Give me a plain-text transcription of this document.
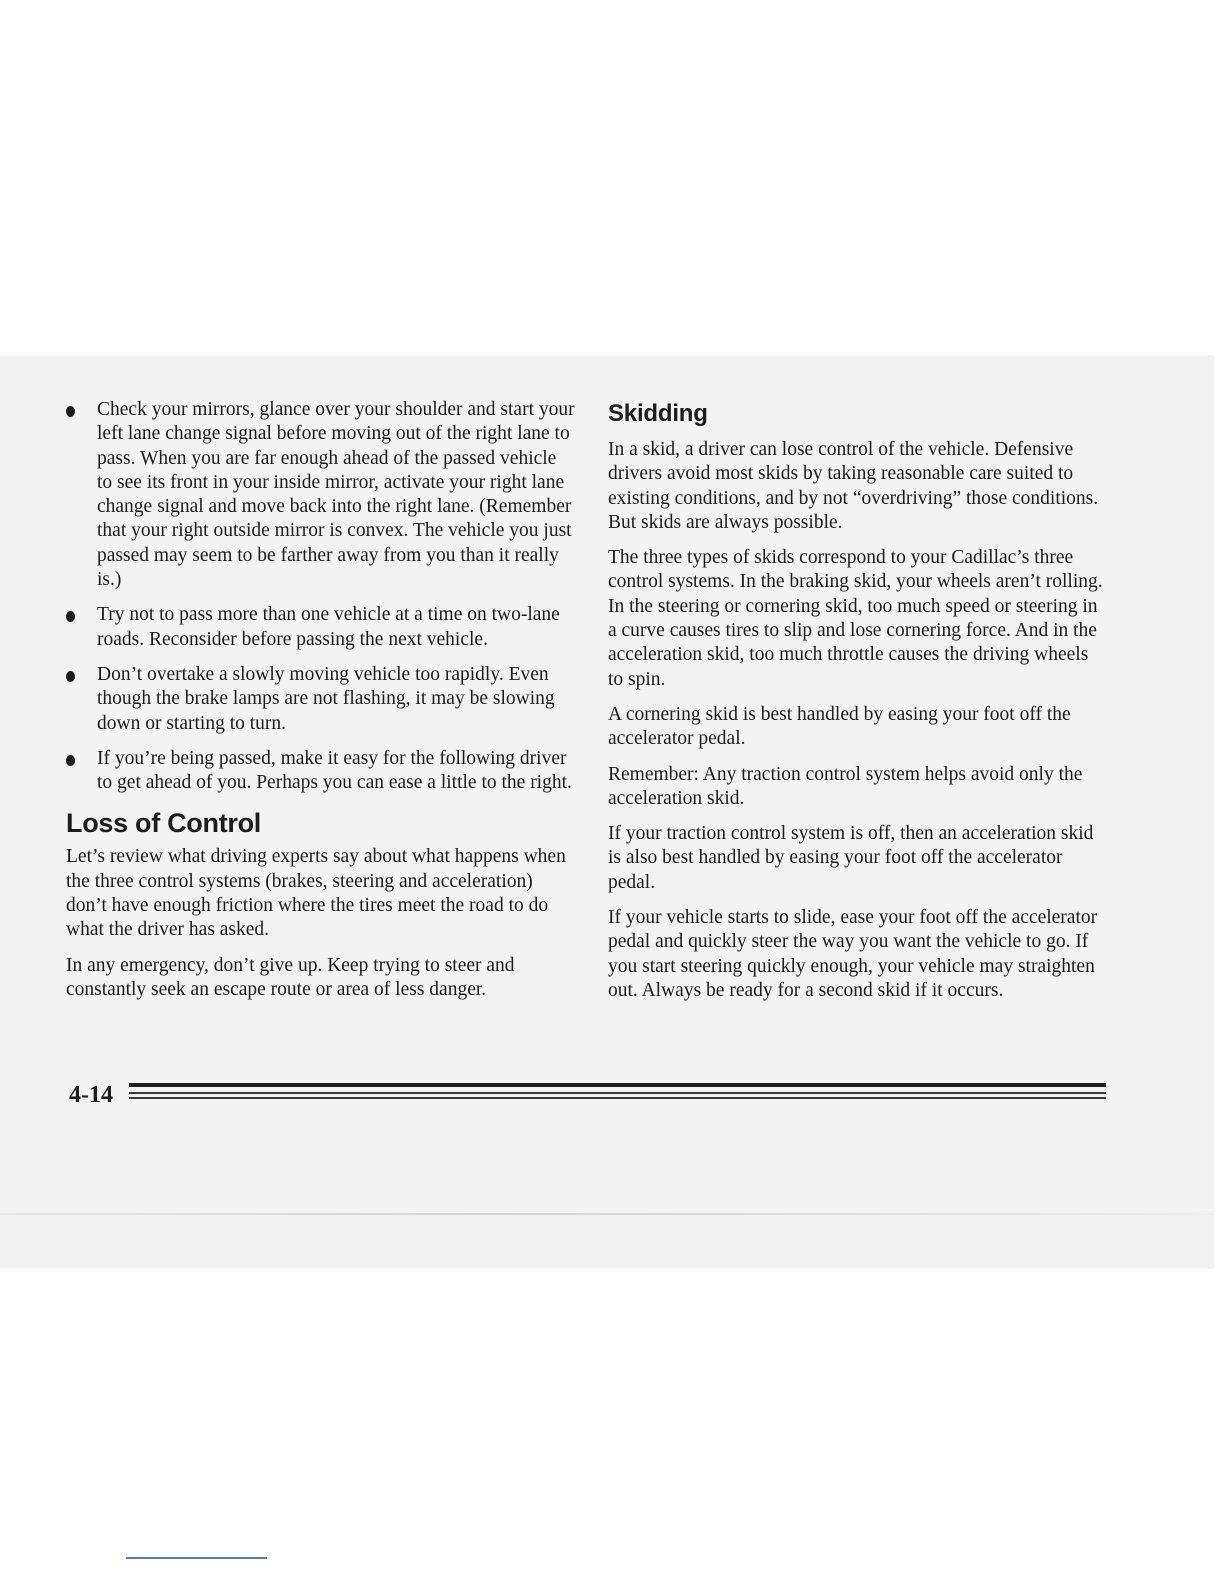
Check your mirrors, glance over your shoulder and start your left lane change signal before moving out of the right lane to pass. When you are far enough ahead of the passed vehicle to see its front in your inside mirror, activate your right lane change signal and move back into the right lane. (Remember that your right outside mirror is convex. The vehicle you just passed may seem to be farther away from you than it really is.)
Try not to pass more than one vehicle at a time on two-lane roads. Reconsider before passing the next vehicle.
Don’t overtake a slowly moving vehicle too rapidly. Even though the brake lamps are not flashing, it may be slowing down or starting to turn.
If you’re being passed, make it easy for the following driver to get ahead of you. Perhaps you can ease a little to the right.
Loss of Control

Let’s review what driving experts say about what happens when the three control systems (brakes, steering and acceleration) don’t have enough friction where the tires meet the road to do what the driver has asked.

In any emergency, don’t give up. Keep trying to steer and constantly seek an escape route or area of less danger.

Skidding

In a skid, a driver can lose control of the vehicle. Defensive drivers avoid most skids by taking reasonable care suited to existing conditions, and by not “overdriving” those conditions. But skids are always possible.

The three types of skids correspond to your Cadillac’s three control systems. In the braking skid, your wheels aren’t rolling. In the steering or cornering skid, too much speed or steering in a curve causes tires to slip and lose cornering force. And in the acceleration skid, too much throttle causes the driving wheels to spin.

A cornering skid is best handled by easing your foot off the accelerator pedal.

Remember: Any traction control system helps avoid only the acceleration skid.

If your traction control system is off, then an acceleration skid is also best handled by easing your foot off the accelerator pedal.

If your vehicle starts to slide, ease your foot off the accelerator pedal and quickly steer the way you want the vehicle to go. If you start steering quickly enough, your vehicle may straighten out. Always be ready for a second skid if it occurs.

4-14
